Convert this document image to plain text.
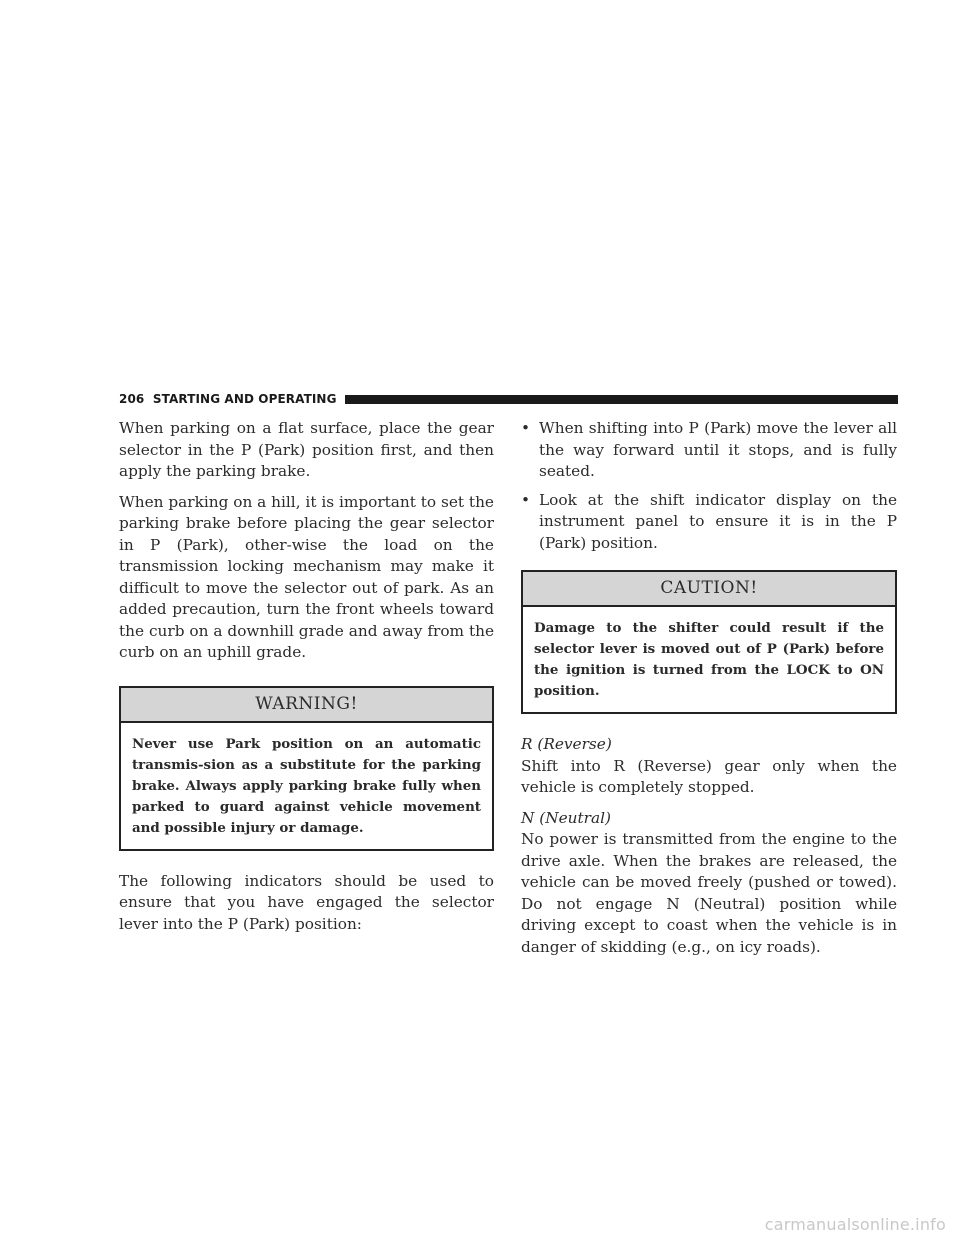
206 STARTING AND OPERATING

When parking on a flat surface, place the gear selector in the P (Park) position first, and then apply the parking brake.

When parking on a hill, it is important to set the parking brake before placing the gear selector in P (Park), other-wise the load on the transmission locking mechanism may make it difficult to move the selector out of park. As an added precaution, turn the front wheels toward the curb on a downhill grade and away from the curb on an uphill grade.

WARNING!
Never use Park position on an automatic transmis-sion as a substitute for the parking brake. Always apply parking brake fully when parked to guard against vehicle movement and possible injury or damage.

The following indicators should be used to ensure that you have engaged the selector lever into the P (Park) position:

• When shifting into P (Park) move the lever all the way forward until it stops, and is fully seated.
• Look at the shift indicator display on the instrument panel to ensure it is in the P (Park) position.
CAUTION!
Damage to the shifter could result if the selector lever is moved out of P (Park) before the ignition is turned from the LOCK to ON position.

R (Reverse)

Shift into R (Reverse) gear only when the vehicle is completely stopped.

N (Neutral)

No power is transmitted from the engine to the drive axle. When the brakes are released, the vehicle can be moved freely (pushed or towed). Do not engage N (Neutral) position while driving except to coast when the vehicle is in danger of skidding (e.g., on icy roads).

carmanualsonline.info
